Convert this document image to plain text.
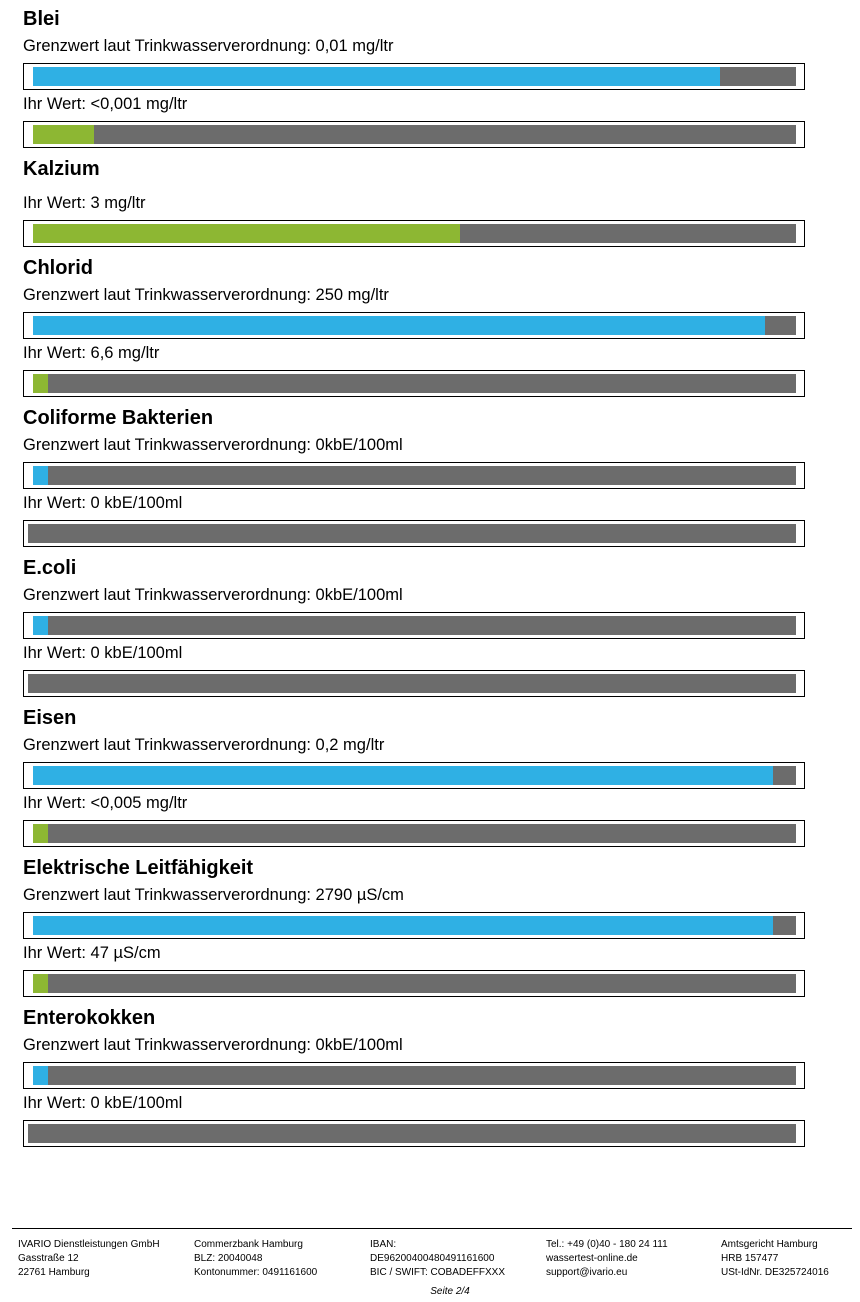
Blei
Grenzwert laut Trinkwasserverordnung: 0,01 mg/ltr
Ihr Wert: <0,001 mg/ltr
Kalzium
Ihr Wert: 3 mg/ltr
Chlorid
Grenzwert laut Trinkwasserverordnung: 250 mg/ltr
Ihr Wert: 6,6 mg/ltr
Coliforme Bakterien
Grenzwert laut Trinkwasserverordnung: 0kbE/100ml
Ihr Wert: 0 kbE/100ml
E.coli
Grenzwert laut Trinkwasserverordnung: 0kbE/100ml
Ihr Wert: 0 kbE/100ml
Eisen
Grenzwert laut Trinkwasserverordnung: 0,2 mg/ltr
Ihr Wert: <0,005 mg/ltr
Elektrische Leitfähigkeit
Grenzwert laut Trinkwasserverordnung: 2790 µS/cm
Ihr Wert: 47 µS/cm
Enterokokken
Grenzwert laut Trinkwasserverordnung: 0kbE/100ml
Ihr Wert: 0 kbE/100ml
IVARIO Dienstleistungen GmbH
Gasstraße 12
22761 Hamburg
Commerzbank Hamburg
BLZ: 20040048
Kontonummer: 0491161600
IBAN:
DE96200400480491161600
BIC / SWIFT: COBADEFFXXX
Tel.: +49 (0)40 - 180 24 111
wassertest-online.de
support@ivario.eu
Amtsgericht Hamburg
HRB 157477
USt-IdNr. DE325724016
Seite 2/4
